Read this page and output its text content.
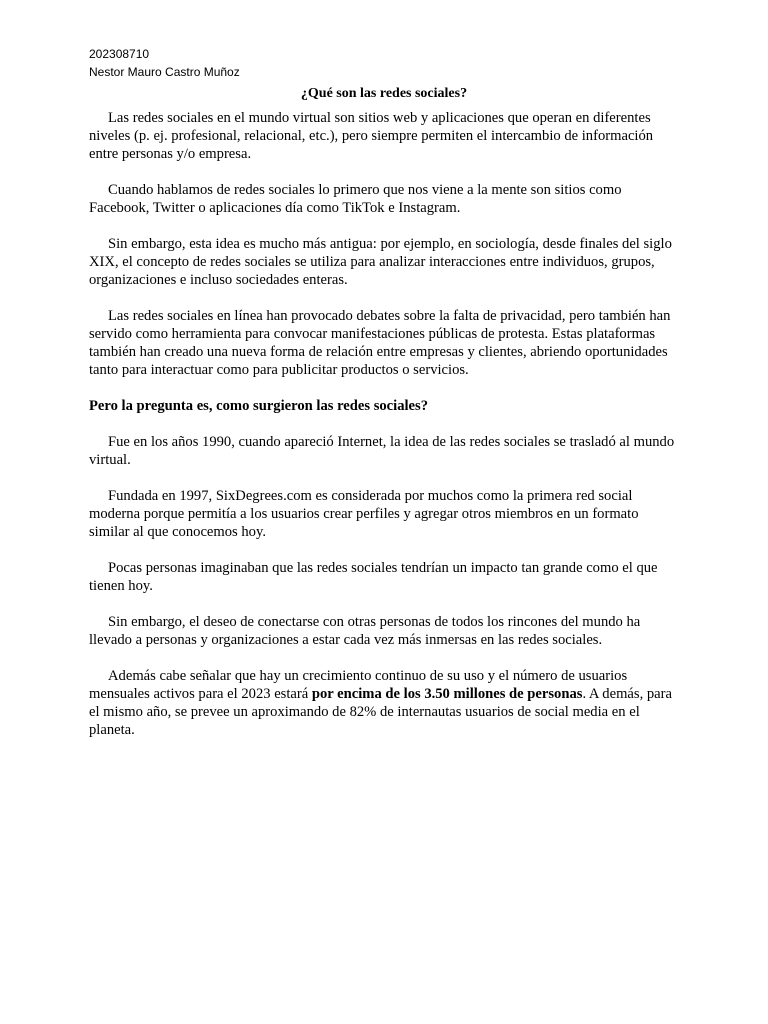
202308710

Nestor Mauro Castro Muñoz

¿Qué son las redes sociales?

Las redes sociales en el mundo virtual son sitios web y aplicaciones que operan en diferentes niveles (p. ej. profesional, relacional, etc.), pero siempre permiten el intercambio de información entre personas y/o empresa.

Cuando hablamos de redes sociales lo primero que nos viene a la mente son sitios como Facebook, Twitter o aplicaciones día como TikTok e Instagram.

Sin embargo, esta idea es mucho más antigua: por ejemplo, en sociología, desde finales del siglo XIX, el concepto de redes sociales se utiliza para analizar interacciones entre individuos, grupos, organizaciones e incluso sociedades enteras.

Las redes sociales en línea han provocado debates sobre la falta de privacidad, pero también han servido como herramienta para convocar manifestaciones públicas de protesta. Estas plataformas también han creado una nueva forma de relación entre empresas y clientes, abriendo oportunidades tanto para interactuar como para publicitar productos o servicios.

Pero la pregunta es, como surgieron las redes sociales?

Fue en los años 1990, cuando apareció Internet, la idea de las redes sociales se trasladó al mundo virtual.

Fundada en 1997, SixDegrees.com es considerada por muchos como la primera red social moderna porque permitía a los usuarios crear perfiles y agregar otros miembros en un formato similar al que conocemos hoy.

Pocas personas imaginaban que las redes sociales tendrían un impacto tan grande como el que tienen hoy.

Sin embargo, el deseo de conectarse con otras personas de todos los rincones del mundo ha llevado a personas y organizaciones a estar cada vez más inmersas en las redes sociales.

Además cabe señalar que hay un crecimiento continuo de su uso y el número de usuarios mensuales activos para el 2023 estará por encima de los 3.50 millones de personas. A demás, para el mismo año, se prevee un aproximando de 82% de internautas usuarios de social media en el planeta.
